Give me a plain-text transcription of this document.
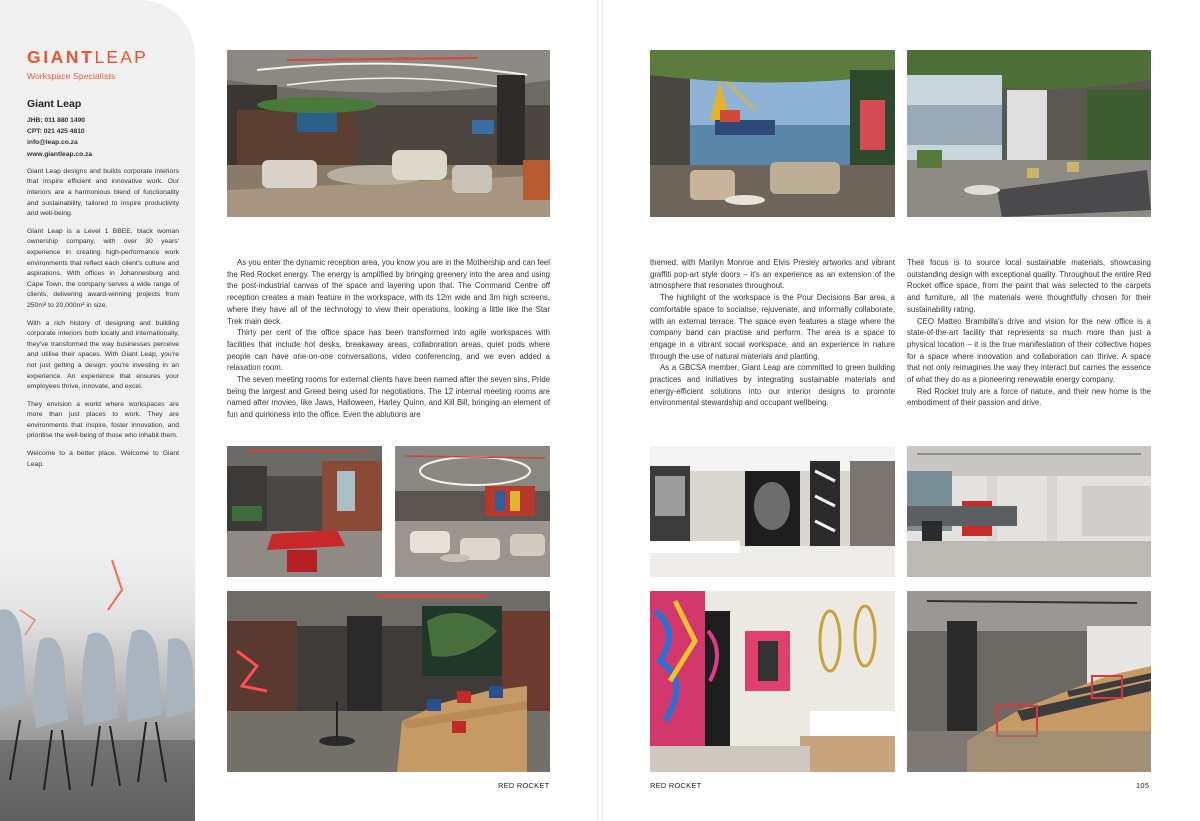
GIANTLEAP
Workspace Specialists
Giant Leap
JHB: 011 880 1490
CPT: 021 425 4810
info@leap.co.za
www.giantleap.co.za
Giant Leap designs and builds corporate interiors that inspire efficient and innovative work. Our interiors are a harmonious blend of functionality and sustainability, tailored to inspire productivity and well-being.
Giant Leap is a Level 1 BBEE, black woman ownership company, with over 30 years' experience in creating high-performance work environments that reflect each client's culture and aspirations. With offices in Johannesburg and Cape Town, the company serves a wide range of clients, delivering award-winning projects from 250m² to 20,000m² in size.
With a rich history of designing and building corporate interiors both locally and internationally, they've transformed the way businesses perceive and utilise their spaces. With Giant Leap, you're not just getting a design; you're investing in an experience. An experience that ensures your employees thrive, innovate, and excel.
They envision a world where workspaces are more than just places to work. They are environments that inspire, foster innovation, and prioritise the well-being of those who inhabit them.
Welcome to a better place. Welcome to Giant Leap.

As you enter the dynamic reception area, you know you are in the Mothership and can feel the Red Rocket energy. The energy is amplified by bringing greenery into the area and using the post-industrial canvas of the space and layering upon that. The Command Centre off reception creates a main feature in the workspace, with its 12m wide and 3m high screens, where they have all of the technology to view their operations, looking a little like the Star Trek main deck.

Thirty per cent of the office space has been transformed into agile workspaces with facilities that include hot desks, breakaway areas, collaboration areas, quiet pods where people can have one-on-one conversations, video conferencing, and we even added a relaxation room.

The seven meeting rooms for external clients have been named after the seven sins, Pride being the largest and Greed being used for negotiations. The 12 internal meeting rooms are named after movies, like Jaws, Halloween, Harley Quinn, and Kill Bill, bringing an element of fun and quirkiness into the office. Even the ablutions are

themed, with Marilyn Monroe and Elvis Presley artworks and vibrant graffiti pop-art style doors – it's an experience as an extension of the atmosphere that resonates throughout.

The highlight of the workspace is the Pour Decisions Bar area, a comfortable space to socialise, rejuvenate, and informally collaborate, with an external terrace. The space even features a stage where the company band can practise and perform. The area is a space to engage in a vibrant social workspace, and an experience in nature through the use of natural materials and planting.

As a GBCSA member, Giant Leap are committed to green building practices and initiatives by integrating sustainable materials and energy-efficient solutions into our interior designs to promote environmental stewardship and occupant wellbeing.

Their focus is to source local sustainable materials, showcasing outstanding design with exceptional quality. Throughout the entire Red Rocket office space, from the paint that was selected to the carpets and furniture, all the materials were thoughtfully chosen for their sustainability rating.

CEO Matteo Brambilla's drive and vision for the new office is a state-of-the-art facility that represents so much more than just a physical location – it is the true manifestation of their collective hopes for a space where innovation and collaboration can thrive. A space that not only reimagines the way they interact but carries the essence of what they do as a pioneering renewable energy company.

Red Rocket truly are a force of nature, and their new home is the embodiment of their passion and drive.

RED ROCKET	RED ROCKET	105
